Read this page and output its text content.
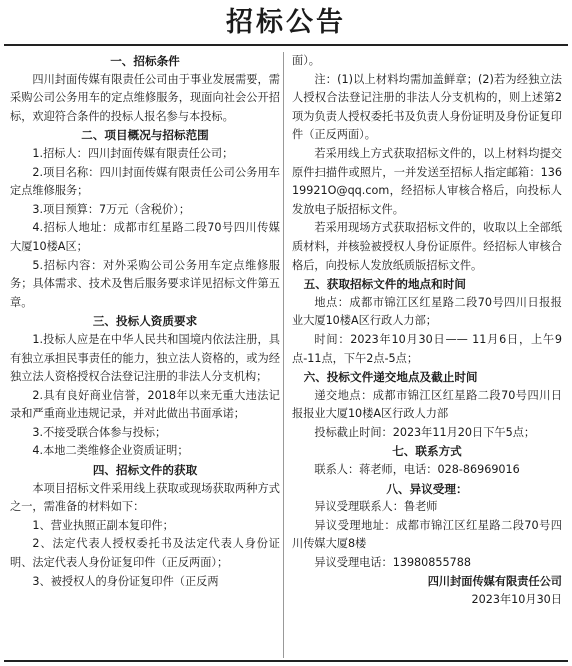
招标公告
一、招标条件

四川封面传媒有限责任公司由于事业发展需要，需采购公司公务用车的定点维修服务，现面向社会公开招标，欢迎符合条件的投标人报名参与本投标。

二、项目概况与招标范围

1.招标人：四川封面传媒有限责任公司；

2.项目名称：四川封面传媒有限责任公司公务用车定点维修服务；

3.项目预算：7万元（含税价）；

4.招标人地址：成都市红星路二段70号四川传媒大厦10楼A区；

5.招标内容：对外采购公司公务用车定点维修服务；具体需求、技术及售后服务要求详见招标文件第五章。

三、投标人资质要求

1.投标人应是在中华人民共和国境内依法注册，具有独立承担民事责任的能力，独立法人资格的，或为经独立法人资格授权合法登记注册的非法人分支机构；

2.具有良好商业信誉，2018年以来无重大违法记录和严重商业违规记录，并对此做出书面承诺；

3.不接受联合体参与投标；

4.本地二类维修企业资质证明；

四、招标文件的获取

本项目招标文件采用线上获取或现场获取两种方式之一，需准备的材料如下：

1、营业执照正副本复印件；

2、法定代表人授权委托书及法定代表人身份证明、法定代表人身份证复印件（正反两面）；

3、被授权人的身份证复印件（正反两

面）。

注：(1)以上材料均需加盖鲜章；(2)若为经独立法人授权合法登记注册的非法人分支机构的，则上述第2项为负责人授权委托书及负责人身份证明及身份证复印件（正反两面）。

若采用线上方式获取招标文件的，以上材料均提交原件扫描件或照片，一并发送至招标人指定邮箱：13619921O@qq.com，经招标人审核合格后，向投标人发放电子版招标文件。

若采用现场方式获取招标文件的，收取以上全部纸质材料，并核验被授权人身份证原件。经招标人审核合格后，向投标人发放纸质版招标文件。

五、获取招标文件的地点和时间

地点：成都市锦江区红星路二段70号四川日报报业大厦10楼A区行政人力部；

时间：2023年10月30日—— 11月6日，上午9点-11点，下午2点-5点；

六、投标文件递交地点及截止时间

递交地点：成都市锦江区红星路二段70号四川日报报业大厦10楼A区行政人力部

投标截止时间：2023年11月20日下午5点；

七、联系方式

联系人：蒋老师，电话：028-86969016

八、异议受理：

异议受理联系人：鲁老师

异议受理地址：成都市锦江区红星路二段70号四川传媒大厦8楼

异议受理电话：13980855788

四川封面传媒有限责任公司

2023年10月30日
